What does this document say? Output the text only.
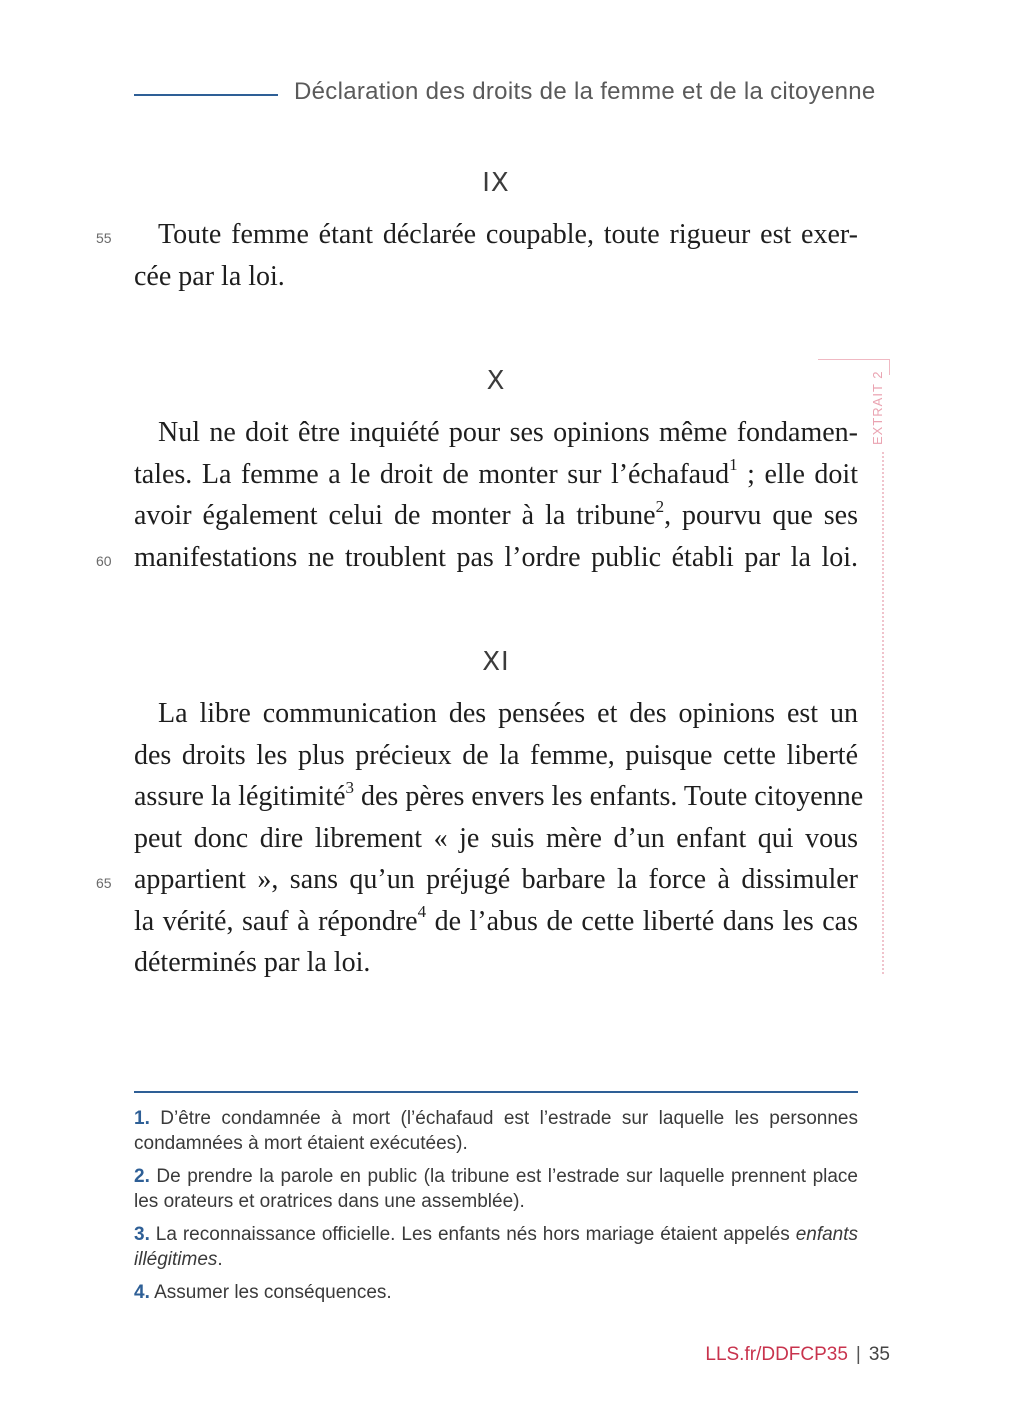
Déclaration des droits de la femme et de la citoyenne
EXTRAIT 2
IX
55	Toute femme étant déclarée coupable, toute rigueur est exer-
cée par la loi.
X
Nul ne doit être inquiété pour ses opinions même fondamen-
tales. La femme a le droit de monter sur l’échafaud$^1$ ; elle doit
avoir également celui de monter à la tribune$^2$, pourvu que ses
manifestations ne troublent pas l’ordre public établi par la loi.
60
XI
La libre communication des pensées et des opinions est un
des droits les plus précieux de la femme, puisque cette liberté
assure la légitimité$^3$ des pères envers les enfants. Toute citoyenne
peut donc dire librement « je suis mère d’un enfant qui vous
appartient », sans qu’un préjugé barbare la force à dissimuler
la vérité, sauf à répondre$^4$ de l’abus de cette liberté dans les cas
déterminés par la loi.
65
1. D’être condamnée à mort (l’échafaud est l’estrade sur laquelle les personnes condamnées à mort étaient exécutées).
2. De prendre la parole en public (la tribune est l’estrade sur laquelle prennent place les orateurs et oratrices dans une assemblée).
3. La reconnaissance officielle. Les enfants nés hors mariage étaient appelés enfants illégitimes.
4. Assumer les conséquences.
LLS.fr/DDFCP35 | 35
